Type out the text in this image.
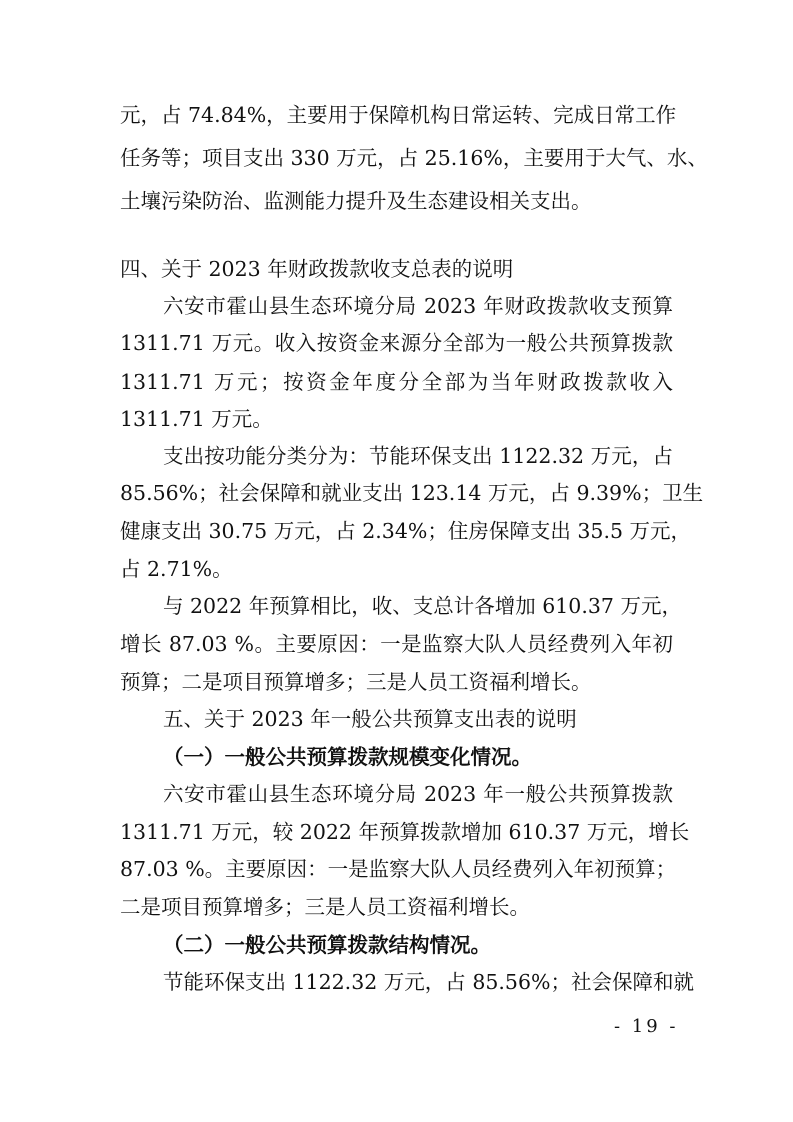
元，占 74.84%，主要用于保障机构日常运转、完成日常工作
任务等；项目支出 330 万元，占 25.16%，主要用于大气、水、
土壤污染防治、监测能力提升及生态建设相关支出。
四、关于 2023 年财政拨款收支总表的说明
六安市霍山县生态环境分局 2023 年财政拨款收支预算
1311.71 万元。收入按资金来源分全部为一般公共预算拨款
1311.71 万元；按资金年度分全部为当年财政拨款收入
1311.71 万元。
支出按功能分类分为：节能环保支出 1122.32 万元，占
85.56%；社会保障和就业支出 123.14 万元，占 9.39%；卫生
健康支出 30.75 万元，占 2.34%；住房保障支出 35.5 万元，
占 2.71%。
与 2022 年预算相比，收、支总计各增加 610.37 万元，
增长 87.03 %。主要原因：一是监察大队人员经费列入年初
预算；二是项目预算增多；三是人员工资福利增长。
五、关于 2023 年一般公共预算支出表的说明
（一）一般公共预算拨款规模变化情况。
六安市霍山县生态环境分局 2023 年一般公共预算拨款
1311.71 万元，较 2022 年预算拨款增加 610.37 万元，增长
87.03 %。主要原因：一是监察大队人员经费列入年初预算；
二是项目预算增多；三是人员工资福利增长。
（二）一般公共预算拨款结构情况。
节能环保支出 1122.32 万元，占 85.56%；社会保障和就
- 19 -
